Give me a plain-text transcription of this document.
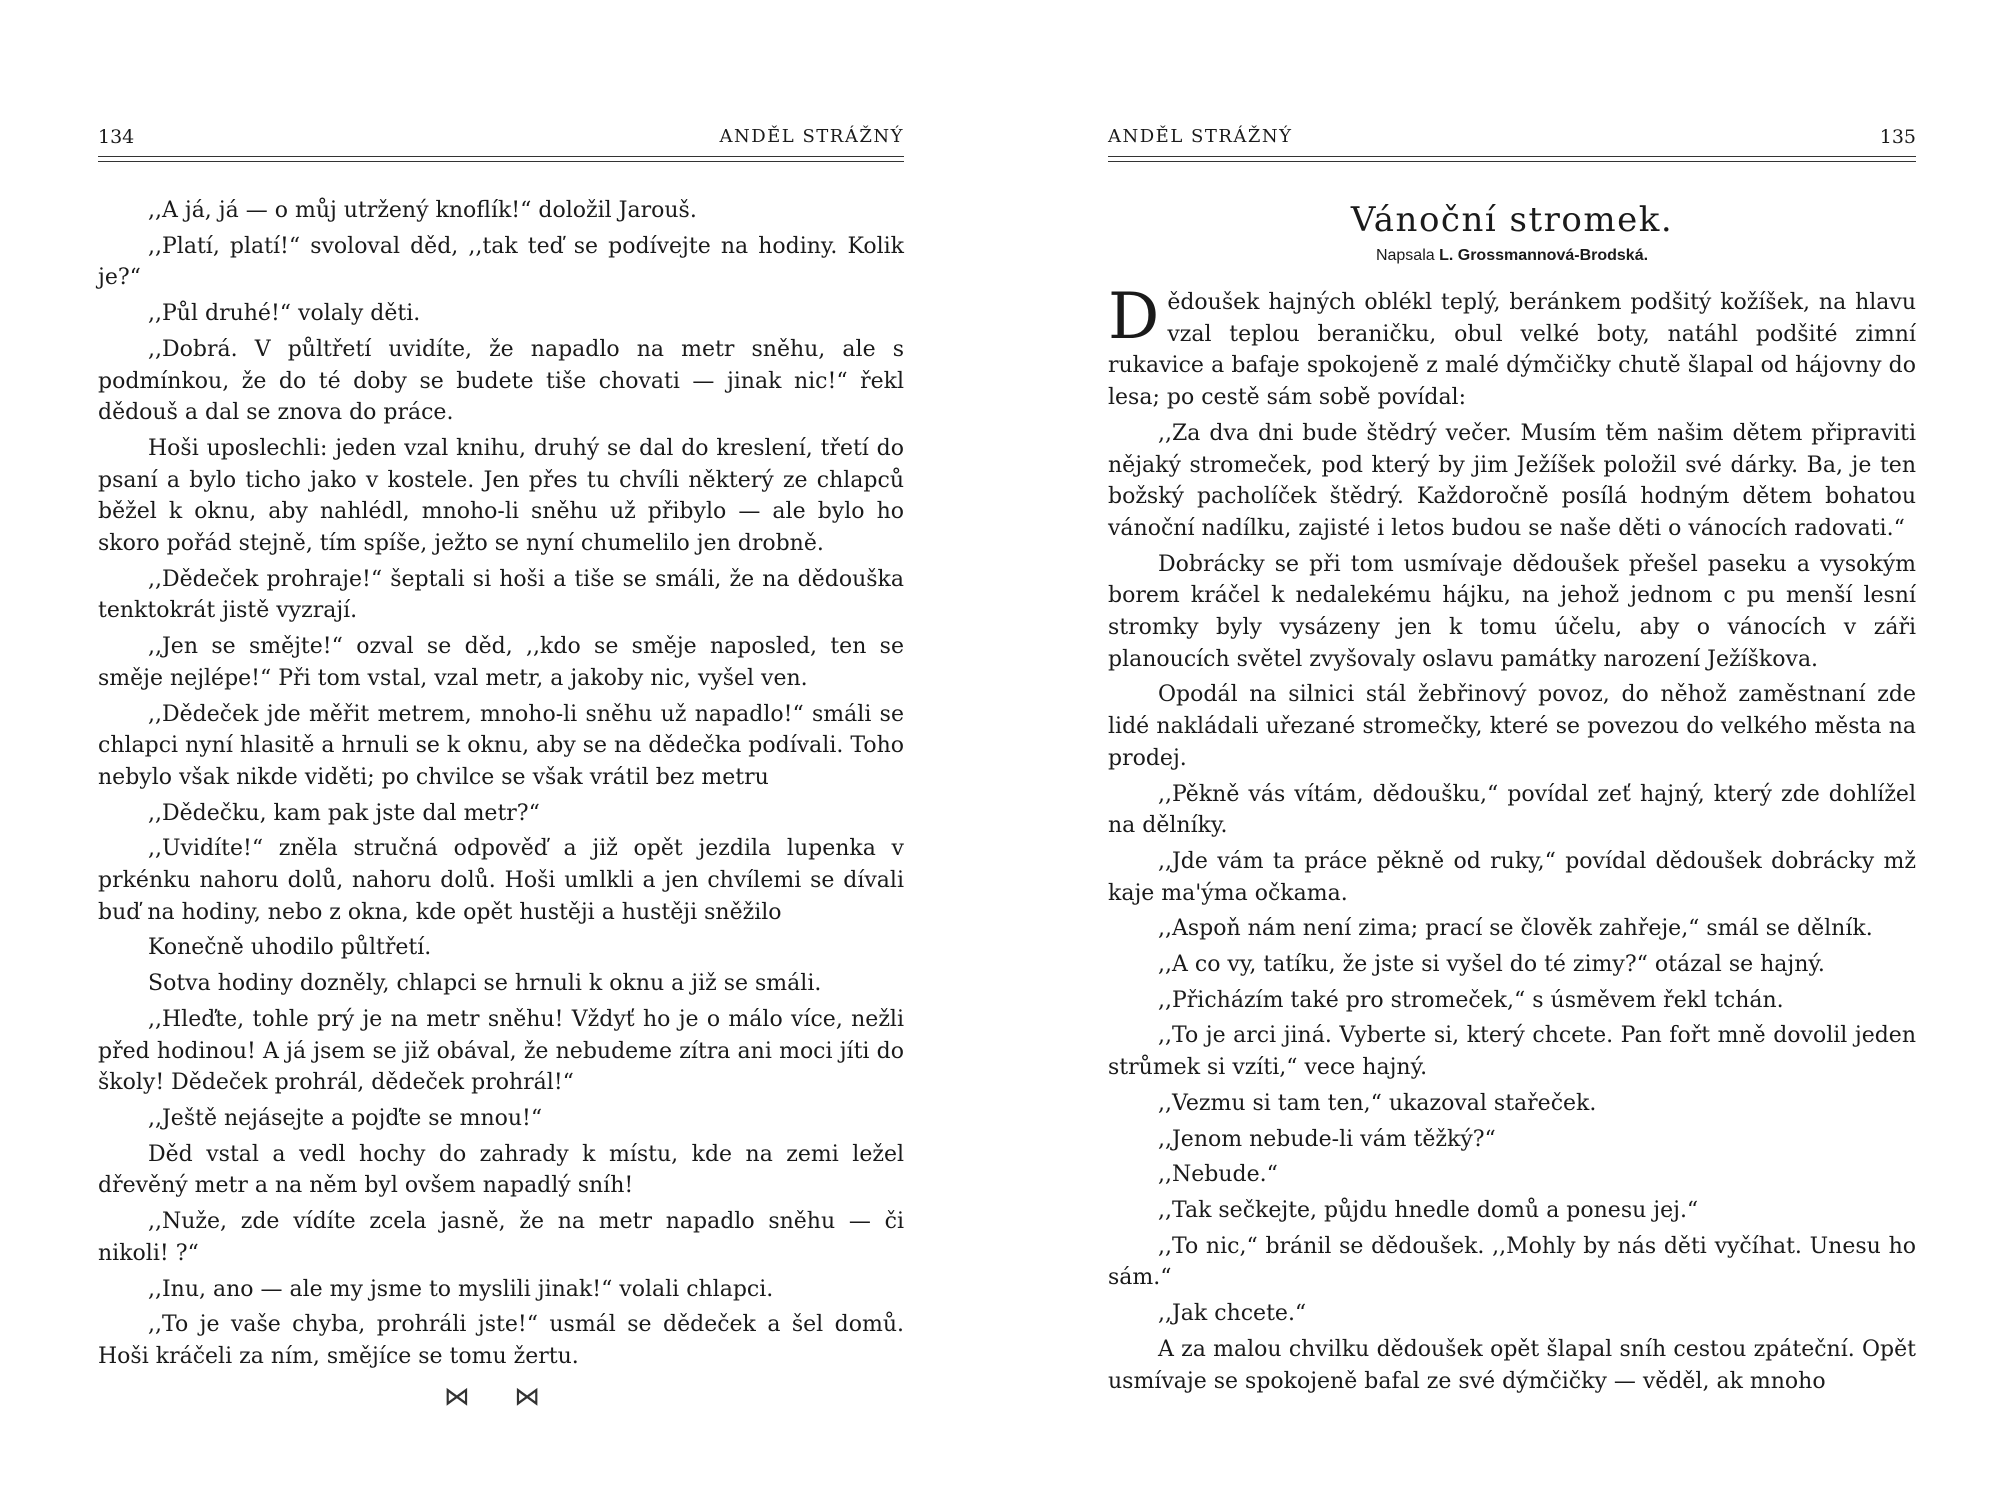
134	ANDĚL STRÁŽNÝ

,,A já, já — o můj utržený knoflík!“ doložil Jarouš.

,,Platí, platí!“ svoloval děd, ,,tak teď se podívejte na hodiny. Kolik je?“

,,Půl druhé!“ volaly děti.

,,Dobrá. V půltřetí uvidíte, že napadlo na metr sněhu, ale s podmínkou, že do té doby se budete tiše chovati — jinak nic!“ řekl dědouš a dal se znova do práce.

Hoši uposlechli: jeden vzal knihu, druhý se dal do kreslení, třetí do psaní a bylo ticho jako v kostele. Jen přes tu chvíli některý ze chlapců běžel k oknu, aby nahlédl, mnoho-li sněhu už přibylo — ale bylo ho skoro pořád stejně, tím spíše, ježto se nyní chumelilo jen drobně.

,,Dědeček prohraje!“ šeptali si hoši a tiše se smáli, že na dědouška tenktokrát jistě vyzrají.

,,Jen se smějte!“ ozval se děd, ,,kdo se směje naposled, ten se směje nejlépe!“ Při tom vstal, vzal metr, a jakoby nic, vyšel ven.

,,Dědeček jde měřit metrem, mnoho-li sněhu už napadlo!“ smáli se chlapci nyní hlasitě a hrnuli se k oknu, aby se na dědečka podívali. Toho nebylo však nikde viděti; po chvilce se však vrátil bez metru

,,Dědečku, kam pak jste dal metr?“

,,Uvidíte!“ zněla stručná odpověď a již opět jezdila lupenka v prkénku nahoru dolů, nahoru dolů. Hoši umlkli a jen chvílemi se dívali buď na hodiny, nebo z okna, kde opět hustěji a hustěji sněžilo

Konečně uhodilo půltřetí.

Sotva hodiny dozněly, chlapci se hrnuli k oknu a již se smáli.

,,Hleďte, tohle prý je na metr sněhu! Vždyť ho je o málo více, nežli před hodinou! A já jsem se již obával, že nebudeme zítra ani moci jíti do školy! Dědeček prohrál, dědeček prohrál!“

,,Ještě nejásejte a pojďte se mnou!“

Děd vstal a vedl hochy do zahrady k místu, kde na zemi ležel dřevěný metr a na něm byl ovšem napadlý sníh!

,,Nuže, zde vídíte zcela jasně, že na metr napadlo sněhu — či nikoli! ?“

,,Inu, ano — ale my jsme to myslili jinak!“ volali chlapci.

,,To je vaše chyba, prohráli jste!“ usmál se dědeček a šel domů. Hoši kráčeli za ním, smějíce se tomu žertu.

⋈ ⋈
ANDĚL STRÁŽNÝ	135
Vánoční stromek.
Napsala L. Grossmannová-Brodská.

Dědoušek hajných oblékl teplý, beránkem podšitý kožíšek, na hlavu vzal teplou beraničku, obul velké boty, natáhl podšité zimní rukavice a bafaje spokojeně z malé dýmčičky chutě šlapal od hájovny do lesa; po cestě sám sobě povídal:

,,Za dva dni bude štědrý večer. Musím těm našim dětem připraviti nějaký stromeček, pod který by jim Ježíšek položil své dárky. Ba, je ten božský pacholíček štědrý. Každoročně posílá hodným dětem bohatou vánoční nadílku, zajisté i letos budou se naše děti o vánocích radovati.“

Dobrácky se při tom usmívaje dědoušek přešel paseku a vysokým borem kráčel k nedalekému hájku, na jehož jednom c pu menší lesní stromky byly vysázeny jen k tomu účelu, aby o vánocích v záři planoucích světel zvyšovaly oslavu památky narození Ježíškova.

Opodál na silnici stál žebřinový povoz, do něhož zaměstnaní zde lidé nakládali uřezané stromečky, které se povezou do velkého města na prodej.

,,Pěkně vás vítám, dědoušku,“ povídal zeť hajný, který zde dohlížel na dělníky.

,,Jde vám ta práce pěkně od ruky,“ povídal dědoušek dobrácky mž kaje ma'ýma očkama.

,,Aspoň nám není zima; prací se člověk zahřeje,“ smál se dělník.

,,A co vy, tatíku, že jste si vyšel do té zimy?“ otázal se hajný.

,,Přicházím také pro stromeček,“ s úsměvem řekl tchán.

,,To je arci jiná. Vyberte si, který chcete. Pan fořt mně dovolil jeden strůmek si vzíti,“ vece hajný.

,,Vezmu si tam ten,“ ukazoval stařeček.

,,Jenom nebude-li vám těžký?“

,,Nebude.“

,,Tak sečkejte, půjdu hnedle domů a ponesu jej.“

,,To nic,“ bránil se dědoušek. ,,Mohly by nás děti vyčíhat. Unesu ho sám.“

,,Jak chcete.“

A za malou chvilku dědoušek opět šlapal sníh cestou zpáteční. Opět usmívaje se spokojeně bafal ze své dýmčičky — věděl, ak mnoho
